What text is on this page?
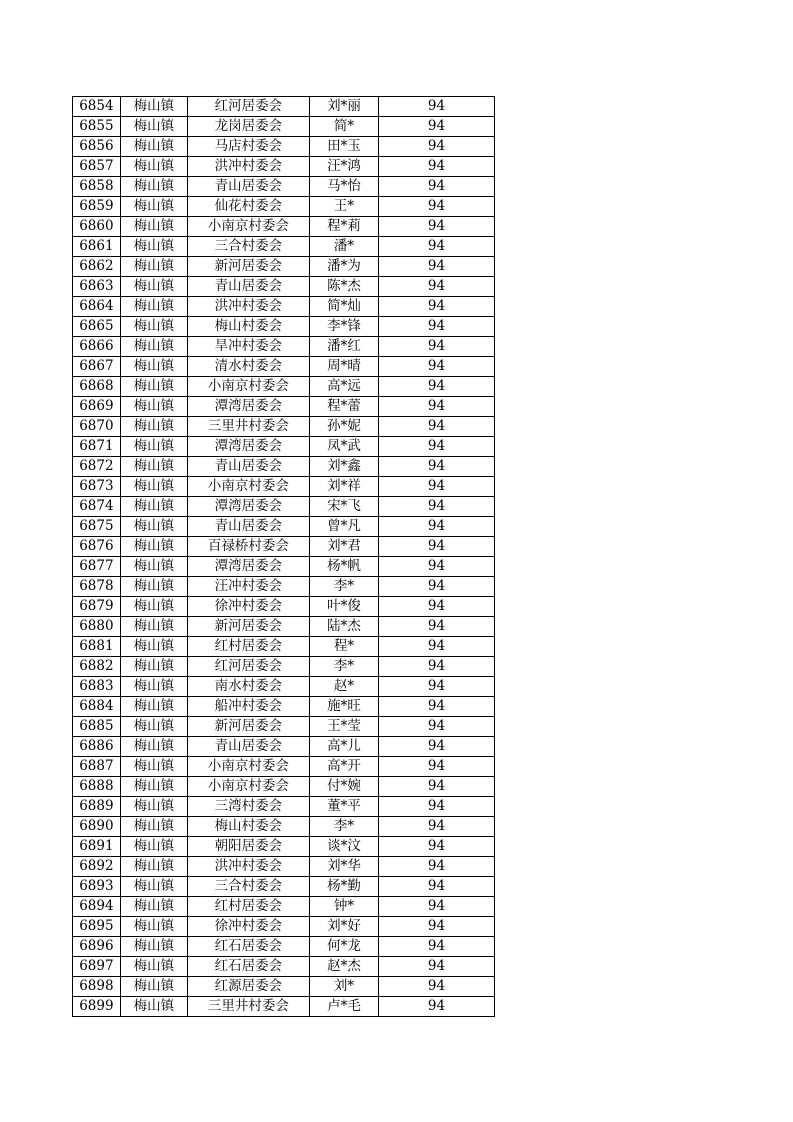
6854	梅山镇	红河居委会	刘*丽	94
6855	梅山镇	龙岗居委会	简*	94
6856	梅山镇	马店村委会	田*玉	94
6857	梅山镇	洪冲村委会	汪*鸿	94
6858	梅山镇	青山居委会	马*怡	94
6859	梅山镇	仙花村委会	王*	94
6860	梅山镇	小南京村委会	程*莉	94
6861	梅山镇	三合村委会	潘*	94
6862	梅山镇	新河居委会	潘*为	94
6863	梅山镇	青山居委会	陈*杰	94
6864	梅山镇	洪冲村委会	简*灿	94
6865	梅山镇	梅山村委会	李*锋	94
6866	梅山镇	旱冲村委会	潘*红	94
6867	梅山镇	清水村委会	周*晴	94
6868	梅山镇	小南京村委会	高*远	94
6869	梅山镇	潭湾居委会	程*蕾	94
6870	梅山镇	三里井村委会	孙*妮	94
6871	梅山镇	潭湾居委会	凤*武	94
6872	梅山镇	青山居委会	刘*鑫	94
6873	梅山镇	小南京村委会	刘*祥	94
6874	梅山镇	潭湾居委会	宋*飞	94
6875	梅山镇	青山居委会	曾*凡	94
6876	梅山镇	百禄桥村委会	刘*君	94
6877	梅山镇	潭湾居委会	杨*帆	94
6878	梅山镇	汪冲村委会	李*	94
6879	梅山镇	徐冲村委会	叶*俊	94
6880	梅山镇	新河居委会	陆*杰	94
6881	梅山镇	红村居委会	程*	94
6882	梅山镇	红河居委会	李*	94
6883	梅山镇	南水村委会	赵*	94
6884	梅山镇	船冲村委会	施*旺	94
6885	梅山镇	新河居委会	王*莹	94
6886	梅山镇	青山居委会	高*儿	94
6887	梅山镇	小南京村委会	高*开	94
6888	梅山镇	小南京村委会	付*婉	94
6889	梅山镇	三湾村委会	董*平	94
6890	梅山镇	梅山村委会	李*	94
6891	梅山镇	朝阳居委会	谈*汶	94
6892	梅山镇	洪冲村委会	刘*华	94
6893	梅山镇	三合村委会	杨*勤	94
6894	梅山镇	红村居委会	钟*	94
6895	梅山镇	徐冲村委会	刘*好	94
6896	梅山镇	红石居委会	何*龙	94
6897	梅山镇	红石居委会	赵*杰	94
6898	梅山镇	红源居委会	刘*	94
6899	梅山镇	三里井村委会	卢*毛	94
